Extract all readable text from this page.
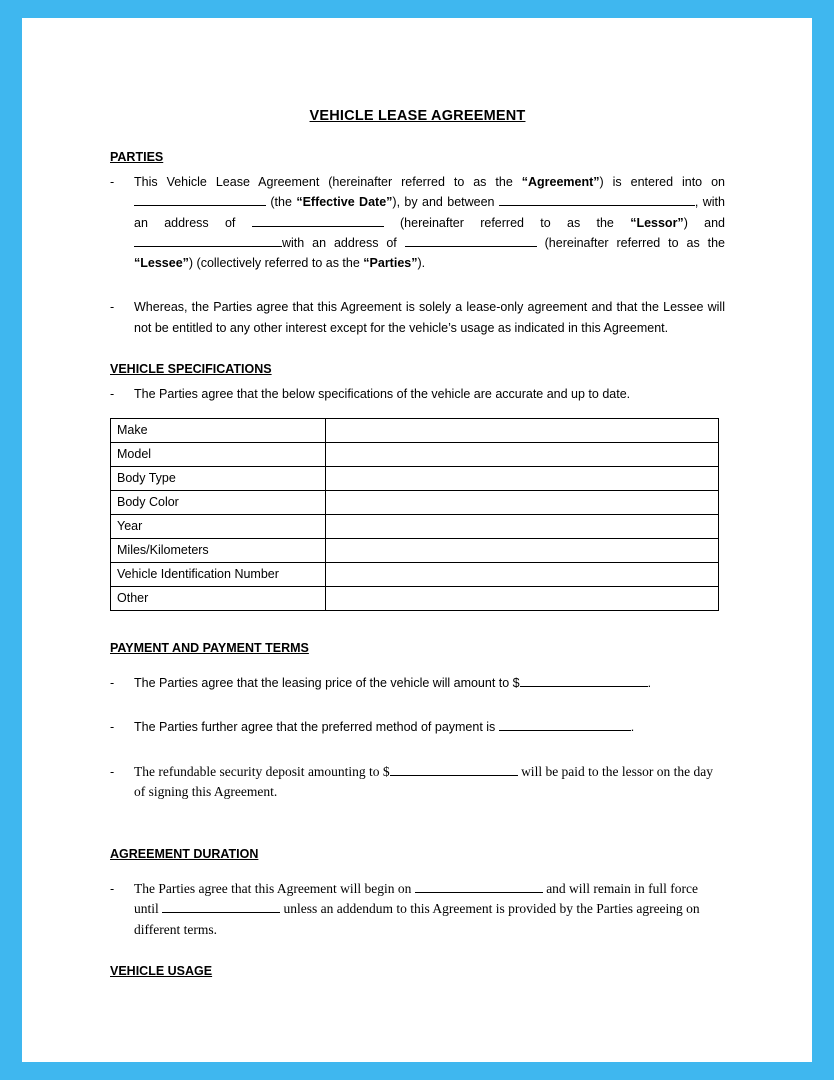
VEHICLE LEASE AGREEMENT
PARTIES
-	This Vehicle Lease Agreement (hereinafter referred to as the “Agreement”) is entered into on  (the “Effective Date”), by and between	, with an address of	(hereinafter referred to as the “Lessor”) and with an address of	(hereinafter referred to as the “Lessee”) (collectively referred to as the “Parties”).
-	Whereas, the Parties agree that this Agreement is solely a lease-only agreement and that the Lessee will not be entitled to any other interest except for the vehicle’s usage as indicated in this Agreement.
VEHICLE SPECIFICATIONS
-	The Parties agree that the below specifications of the vehicle are accurate and up to date.
Make	
Model	
Body Type	
Body Color	
Year	
Miles/Kilometers	
Vehicle Identification Number	
Other	
PAYMENT AND PAYMENT TERMS
-	The Parties agree that the leasing price of the vehicle will amount to $	.
-	The Parties further agree that the preferred method of payment is	.
-	The refundable security deposit amounting to $	will be paid to the lessor on the day of signing this Agreement.
AGREEMENT DURATION
-	The Parties agree that this Agreement will begin on	and will remain in full force until	unless an addendum to this Agreement is provided by the Parties agreeing on different terms.
VEHICLE USAGE
